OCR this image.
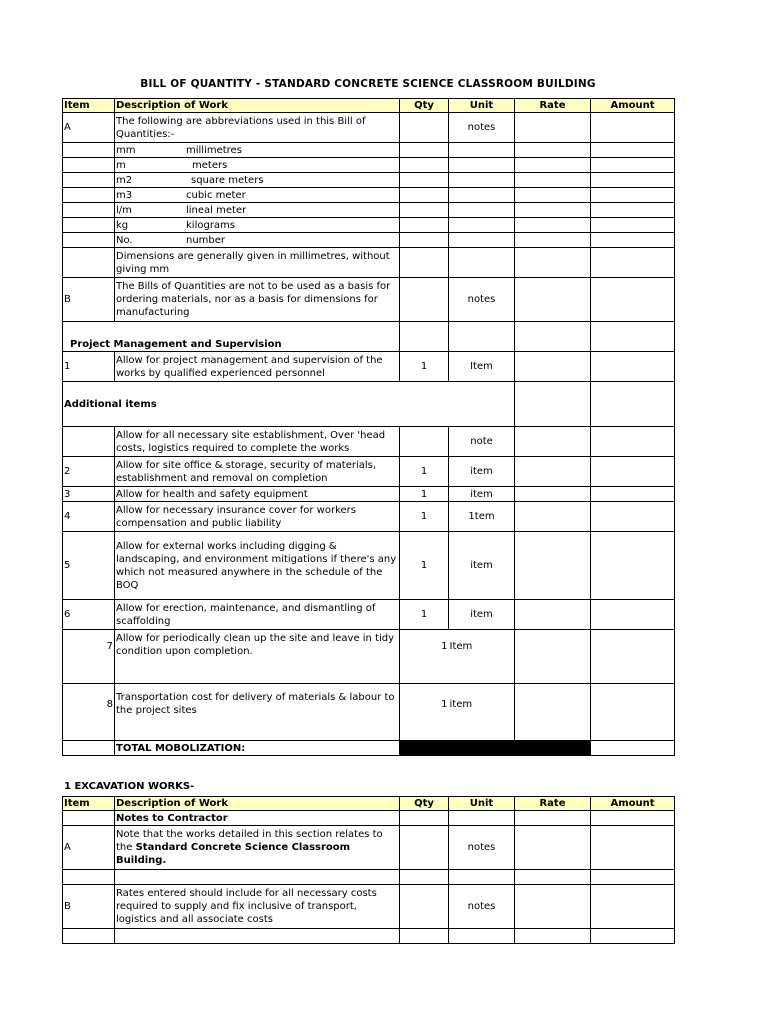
BILL OF QUANTITY - STANDARD CONCRETE SCIENCE CLASSROOM BUILDING
Item	Description of Work	Qty	Unit	Rate	Amount
A	The following are abbreviations used in this Bill of Quantities:-		notes		
	mm millimetres				
	m meters				
	m2 square meters				
	m3 cubic meter				
	l/m lineal meter				
	kg kilograms				
	No. number				
	Dimensions are generally given in millimetres, without giving mm				
B	The Bills of Quantities are not to be used as a basis for ordering materials, nor as a basis for dimensions for manufacturing		notes		
Project Management and Supervision					
1	Allow for project management and supervision of the works by qualified experienced personnel	1	Item		
Additional items					
	Allow for all necessary site establishment, Over 'head costs, logistics required to complete the works		note		
2	Allow for site office & storage, security of materials, establishment and removal on completion	1	item		
3	Allow for health and safety equipment	1	item		
4	Allow for necessary insurance cover for workers compensation and public liability	1	1tem		
5	Allow for external works including digging & landscaping, and environment mitigations if there's any which not measured anywhere in the schedule of the BOQ	1	item		
6	Allow for erection, maintenance, and dismantling of scaffolding	1	item		
7	Allow for periodically clean up the site and leave in tidy condition upon completion.	1	Item		
8	Transportation cost for delivery of materials & labour to the project sites	1	item		
	TOTAL MOBOLIZATION:				
1 EXCAVATION WORKS-
Item	Description of Work	Qty	Unit	Rate	Amount
	Notes to Contractor				
A	Note that the works detailed in this section relates to the Standard Concrete Science Classroom Building.		notes		

B	Rates entered should include for all necessary costs required to supply and fix inclusive of transport, logistics and all associate costs		notes		
